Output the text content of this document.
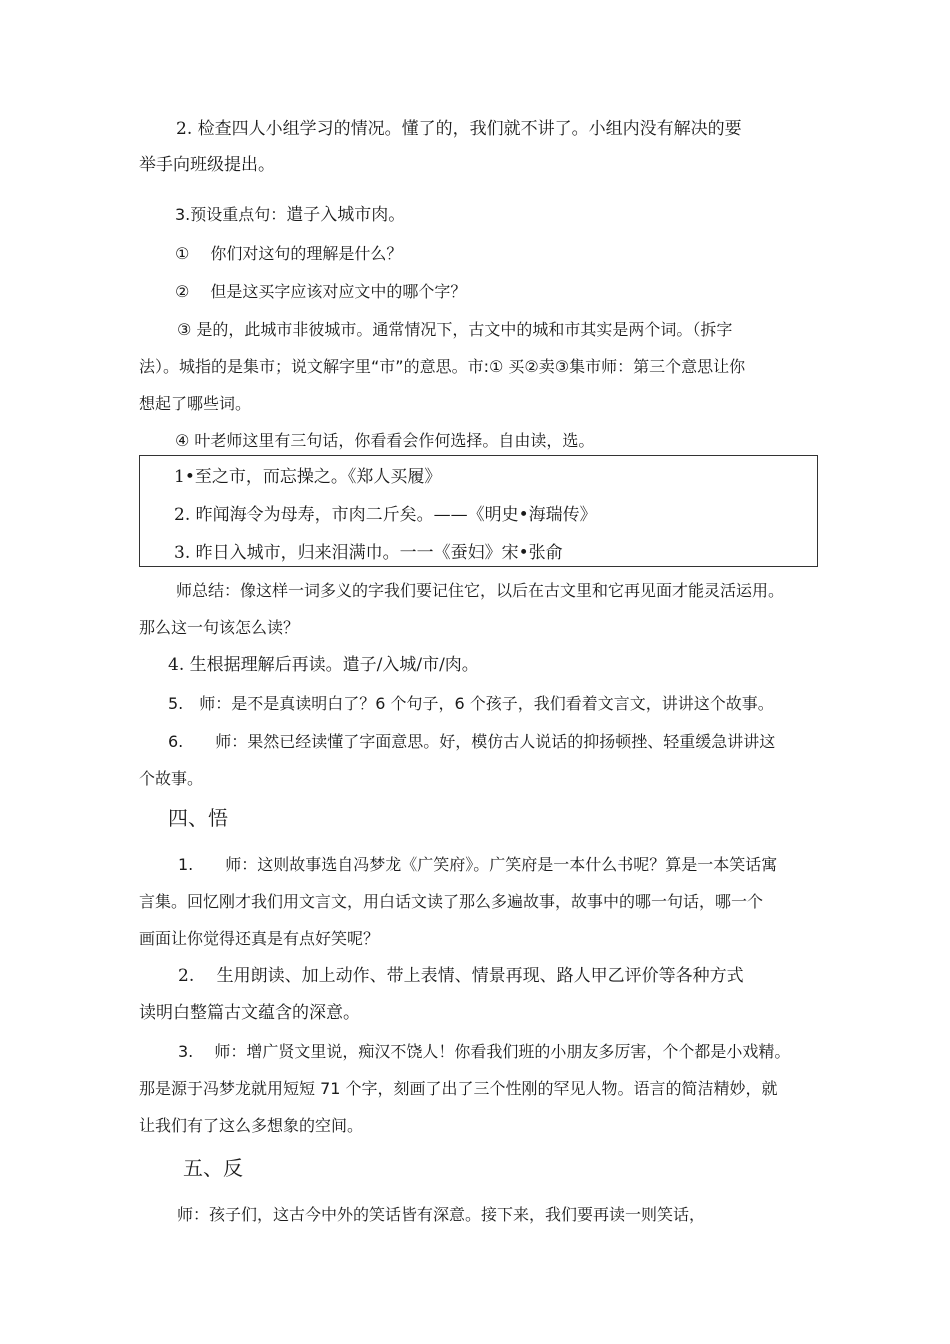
2. 检查四人小组学习的情况。懂了的，我们就不讲了。小组内没有解决的要
举手向班级提出。
3.预设重点句：遣子入城市肉。
①　 你们对这句的理解是什么？
②　 但是这买字应该对应文中的哪个字？
③ 是的，此城市非彼城市。通常情况下，古文中的城和市其实是两个词。（拆字
法）。城指的是集市；说文解字里“市”的意思。市:① 买②卖③集市师：第三个意思让你
想起了哪些词。
④ 叶老师这里有三句话，你看看会作何选择。自由读，选。
1•至之市，而忘操之。《郑人买履》
2. 昨闻海令为母寿，市肉二斤矣。——《明史•海瑞传》
3. 昨日入城市，归来泪满巾。一一《蚕妇》宋•张俞
师总结：像这样一词多义的字我们要记住它，以后在古文里和它再见面才能灵活运用。
那么这一句该怎么读？
4. 生根据理解后再读。遣子/入城/市/肉。
5.　师：是不是真读明白了？6 个句子，6 个孩子，我们看着文言文，讲讲这个故事。
6.　　师：果然已经读懂了字面意思。好，模仿古人说话的抑扬顿挫、轻重缓急讲讲这
个故事。
四、悟
1.　　师：这则故事选自冯梦龙《广笑府》。广笑府是一本什么书呢？算是一本笑话寓
言集。回忆刚才我们用文言文，用白话文读了那么多遍故事，故事中的哪一句话，哪一个
画面让你觉得还真是有点好笑呢？
2.　 生用朗读、加上动作、带上表情、情景再现、路人甲乙评价等各种方式
读明白整篇古文蕴含的深意。
3.　 师：增广贤文里说，痴汉不饶人！你看我们班的小朋友多厉害，个个都是小戏精。
那是源于冯梦龙就用短短 71 个字，刻画了出了三个性刚的罕见人物。语言的简洁精妙，就
让我们有了这么多想象的空间。
五、反
师：孩子们，这古今中外的笑话皆有深意。接下来，我们要再读一则笑话，
